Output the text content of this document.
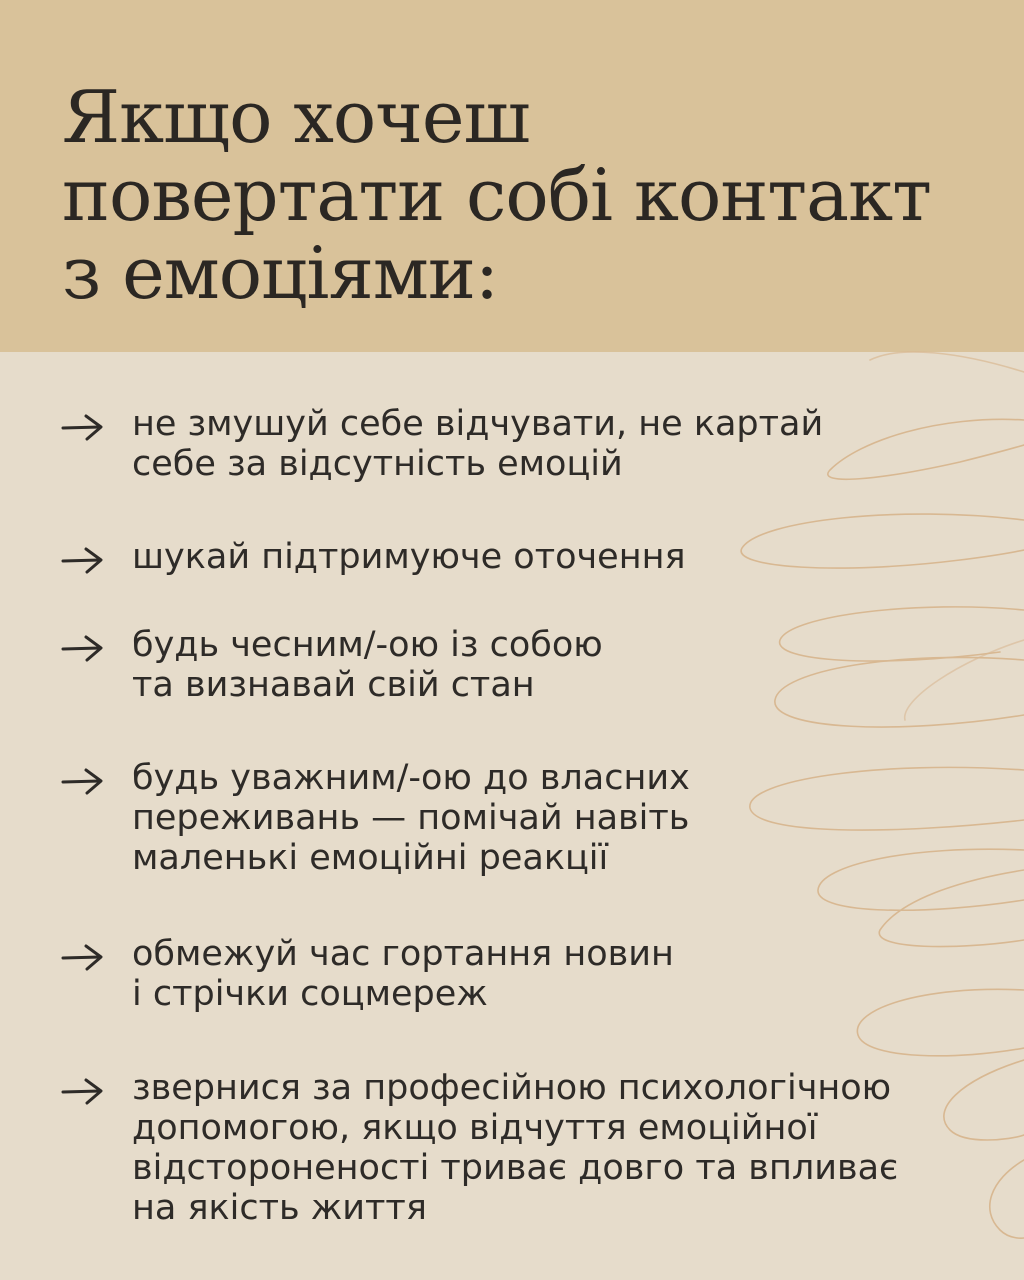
Якщо хочеш
повертати собі контакт
з емоціями:
не змушуй себе відчувати, не картай
себе за відсутність емоцій
шукай підтримуюче оточення
будь чесним/-ою із собою
та визнавай свій стан
будь уважним/-ою до власних
переживань — помічай навіть
маленькі емоційні реакції
обмежуй час гортання новин
і стрічки соцмереж
звернися за професійною психологічною
допомогою, якщо відчуття емоційної
відстороненості триває довго та впливає
на якість життя
